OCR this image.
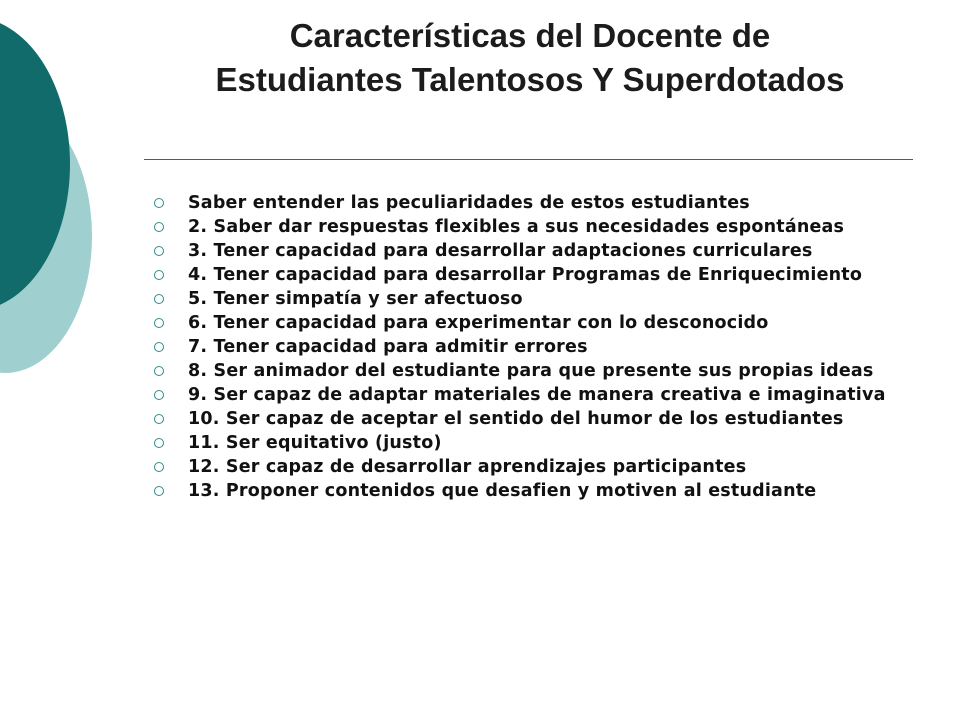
Características del Docente de
Estudiantes Talentosos Y Superdotados
Saber entender las peculiaridades de estos estudiantes
2. Saber dar respuestas flexibles a sus necesidades espontáneas
3. Tener capacidad para desarrollar adaptaciones curriculares
4. Tener capacidad para desarrollar Programas de Enriquecimiento
5. Tener simpatía y ser afectuoso
6. Tener capacidad para experimentar con lo desconocido
7. Tener capacidad para admitir errores
8. Ser animador del estudiante para que presente sus propias ideas
9. Ser capaz de adaptar materiales de manera creativa e imaginativa
10. Ser capaz de aceptar el sentido del humor de los estudiantes
11. Ser equitativo (justo)
12. Ser capaz de desarrollar aprendizajes participantes
13. Proponer contenidos que desafien y motiven al estudiante
